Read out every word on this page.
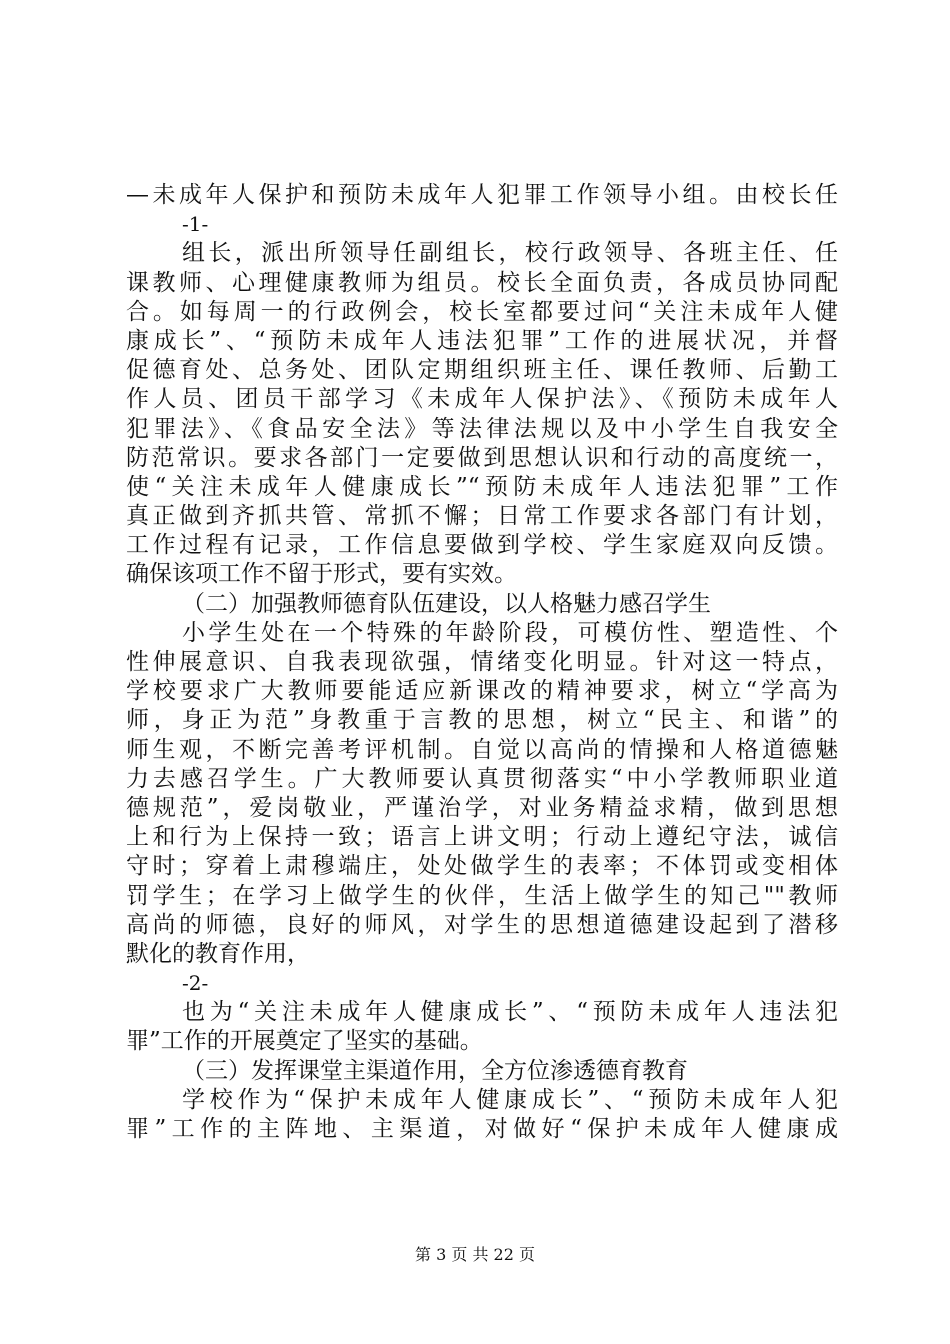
—未成年人保护和预防未成年人犯罪工作领导小组。由校长任
-1-
组长，派出所领导任副组长，校行政领导、各班主任、任
课教师、心理健康教师为组员。校长全面负责，各成员协同配
合。如每周一的行政例会，校长室都要过问“关注未成年人健
康成长”、“预防未成年人违法犯罪”工作的进展状况，并督
促德育处、总务处、团队定期组织班主任、课任教师、后勤工
作人员、团员干部学习《未成年人保护法》、《预防未成年人
犯罪法》、《食品安全法》等法律法规以及中小学生自我安全
防范常识。要求各部门一定要做到思想认识和行动的高度统一，
使“关注未成年人健康成长”“预防未成年人违法犯罪”工作
真正做到齐抓共管、常抓不懈；日常工作要求各部门有计划，
工作过程有记录，工作信息要做到学校、学生家庭双向反馈。
确保该项工作不留于形式，要有实效。
（二）加强教师德育队伍建设，以人格魅力感召学生
小学生处在一个特殊的年龄阶段，可模仿性、塑造性、个
性伸展意识、自我表现欲强，情绪变化明显。针对这一特点，
学校要求广大教师要能适应新课改的精神要求，树立“学高为
师，身正为范”身教重于言教的思想，树立“民主、和谐”的
师生观，不断完善考评机制。自觉以高尚的情操和人格道德魅
力去感召学生。广大教师要认真贯彻落实“中小学教师职业道
德规范”，爱岗敬业，严谨治学，对业务精益求精，做到思想
上和行为上保持一致；语言上讲文明；行动上遵纪守法，诚信
守时；穿着上肃穆端庄，处处做学生的表率；不体罚或变相体
罚学生；在学习上做学生的伙伴，生活上做学生的知己""教师
高尚的师德，良好的师风，对学生的思想道德建设起到了潜移
默化的教育作用，
-2-
也为“关注未成年人健康成长”、“预防未成年人违法犯
罪”工作的开展奠定了坚实的基础。
（三）发挥课堂主渠道作用，全方位渗透德育教育
学校作为“保护未成年人健康成长”、“预防未成年人犯
罪”工作的主阵地、主渠道，对做好“保护未成年人健康成
第 3 页 共 22 页
